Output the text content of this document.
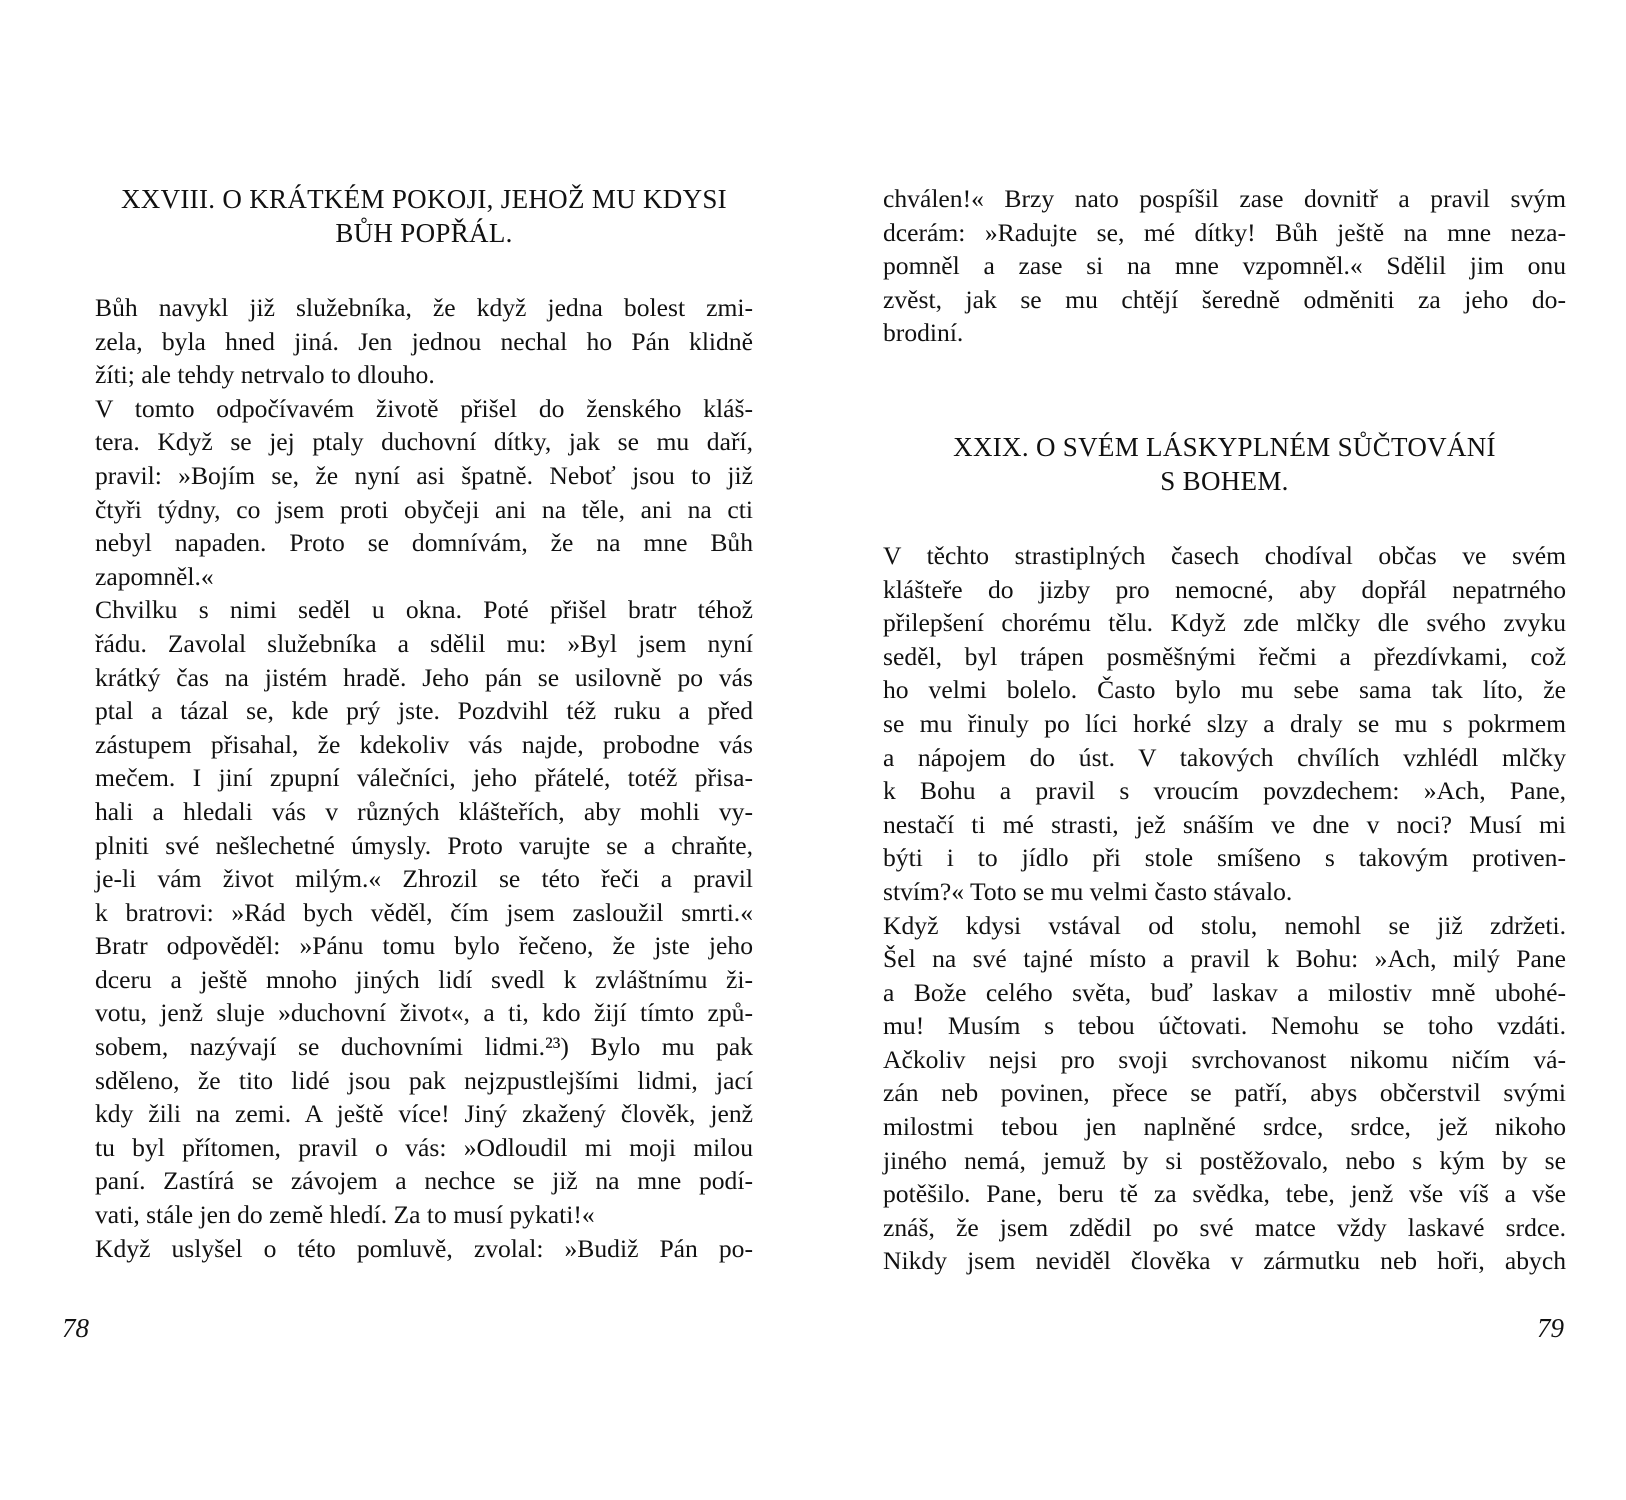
XXVIII. O KRÁTKÉM POKOJI, JEHOŽ MU KDYSI
BŮH POPŘÁL.

Bůh navykl již služebníka, že když jedna bolest zmi-
zela, byla hned jiná. Jen jednou nechal ho Pán klidně
žíti; ale tehdy netrvalo to dlouho.

V tomto odpočívavém životě přišel do ženského kláš-
tera. Když se jej ptaly duchovní dítky, jak se mu daří,
pravil: »Bojím se, že nyní asi špatně. Neboť jsou to již
čtyři týdny, co jsem proti obyčeji ani na těle, ani na cti
nebyl napaden. Proto se domnívám, že na mne Bůh
zapomněl.«

Chvilku s nimi seděl u okna. Poté přišel bratr téhož
řádu. Zavolal služebníka a sdělil mu: »Byl jsem nyní
krátký čas na jistém hradě. Jeho pán se usilovně po vás
ptal a tázal se, kde prý jste. Pozdvihl též ruku a před
zástupem přisahal, že kdekoliv vás najde, probodne vás
mečem. I jiní zpupní válečníci, jeho přátelé, totéž přisa-
hali a hledali vás v různých klášteřích, aby mohli vy-
plniti své nešlechetné úmysly. Proto varujte se a chraňte,
je-li vám život milým.« Zhrozil se této řeči a pravil
k bratrovi: »Rád bych věděl, čím jsem zasloužil smrti.«
Bratr odpověděl: »Pánu tomu bylo řečeno, že jste jeho
dceru a ještě mnoho jiných lidí svedl k zvláštnímu ži-
votu, jenž sluje »duchovní život«, a ti, kdo žijí tímto způ-
sobem, nazývají se duchovními lidmi.²³) Bylo mu pak
sděleno, že tito lidé jsou pak nejzpustlejšími lidmi, jací
kdy žili na zemi. A ještě více! Jiný zkažený člověk, jenž
tu byl přítomen, pravil o vás: »Odloudil mi moji milou
paní. Zastírá se závojem a nechce se již na mne podí-
vati, stále jen do země hledí. Za to musí pykati!«

Když uslyšel o této pomluvě, zvolal: »Budiž Pán po-

78

chválen!« Brzy nato pospíšil zase dovnitř a pravil svým
dcerám: »Radujte se, mé dítky! Bůh ještě na mne neza-
pomněl a zase si na mne vzpomněl.« Sdělil jim onu
zvěst, jak se mu chtějí šeredně odměniti za jeho do-
brodiní.

XXIX. O SVÉM LÁSKYPLNÉM SŮČTOVÁNÍ
S BOHEM.

V těchto strastiplných časech chodíval občas ve svém
klášteře do jizby pro nemocné, aby dopřál nepatrného
přilepšení chorému tělu. Když zde mlčky dle svého zvyku
seděl, byl trápen posměšnými řečmi a přezdívkami, což
ho velmi bolelo. Často bylo mu sebe sama tak líto, že
se mu řinuly po líci horké slzy a draly se mu s pokrmem
a nápojem do úst. V takových chvílích vzhlédl mlčky
k Bohu a pravil s vroucím povzdechem: »Ach, Pane,
nestačí ti mé strasti, jež snáším ve dne v noci? Musí mi
býti i to jídlo při stole smíšeno s takovým protiven-
stvím?« Toto se mu velmi často stávalo.

Když kdysi vstával od stolu, nemohl se již zdržeti.
Šel na své tajné místo a pravil k Bohu: »Ach, milý Pane
a Bože celého světa, buď laskav a milostiv mně ubohé-
mu! Musím s tebou účtovati. Nemohu se toho vzdáti.
Ačkoliv nejsi pro svoji svrchovanost nikomu ničím vá-
zán neb povinen, přece se patří, abys občerstvil svými
milostmi tebou jen naplněné srdce, srdce, jež nikoho
jiného nemá, jemuž by si postěžovalo, nebo s kým by se
potěšilo. Pane, beru tě za svědka, tebe, jenž vše víš a vše
znáš, že jsem zdědil po své matce vždy laskavé srdce.
Nikdy jsem neviděl člověka v zármutku neb hoři, abych

79
